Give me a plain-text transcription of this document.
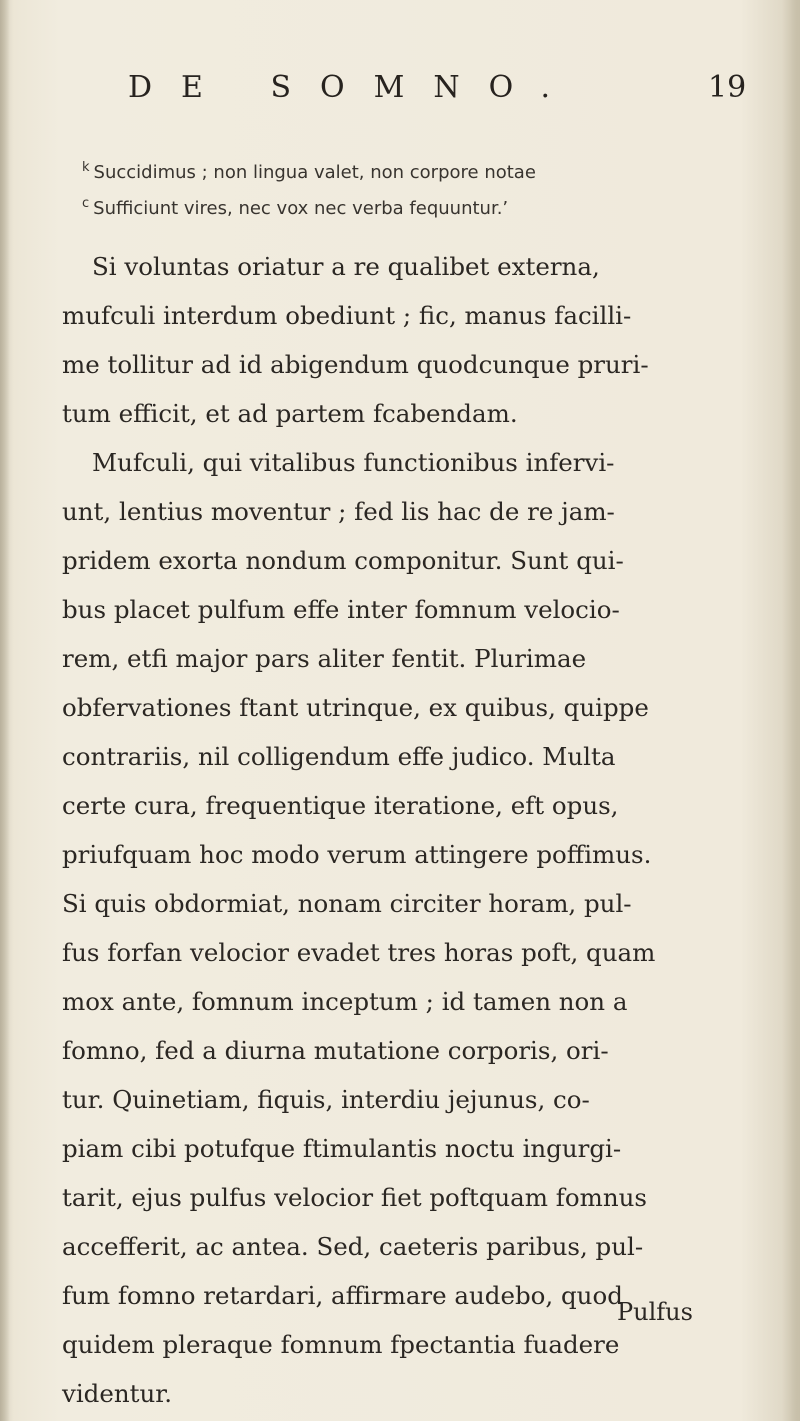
DE SOMNO.	19
$^k$ Succidimus ; non lingua valet, non corpore notae
$^c$ Sufficiunt vires, nec vox nec verba fequuntur.’
Si voluntas oriatur a re qualibet externa,
mufculi interdum obediunt ; fic, manus facilli-
me tollitur ad id abigendum quodcunque pruri-
tum efficit, et ad partem fcabendam.
Mufculi, qui vitalibus functionibus infervi-
unt, lentius moventur ; fed lis hac de re jam-
pridem exorta nondum componitur. Sunt qui-
bus placet pulfum effe inter fomnum velocio-
rem, etfi major pars aliter fentit. Plurimae
obfervationes ftant utrinque, ex quibus, quippe
contrariis, nil colligendum effe judico. Multa
certe cura, frequentique iteratione, eft opus,
priufquam hoc modo verum attingere poffimus.
Si quis obdormiat, nonam circiter horam, pul-
fus forfan velocior evadet tres horas poft, quam
mox ante, fomnum inceptum ; id tamen non a
fomno, fed a diurna mutatione corporis, ori-
tur. Quinetiam, fiquis, interdiu jejunus, co-
piam cibi potufque ftimulantis noctu ingurgi-
tarit, ejus pulfus velocior fiet poftquam fomnus
accefferit, ac antea. Sed, caeteris paribus, pul-
fum fomno retardari, affirmare audebo, quod
quidem pleraque fomnum fpectantia fuadere
videntur.
Pulfus
